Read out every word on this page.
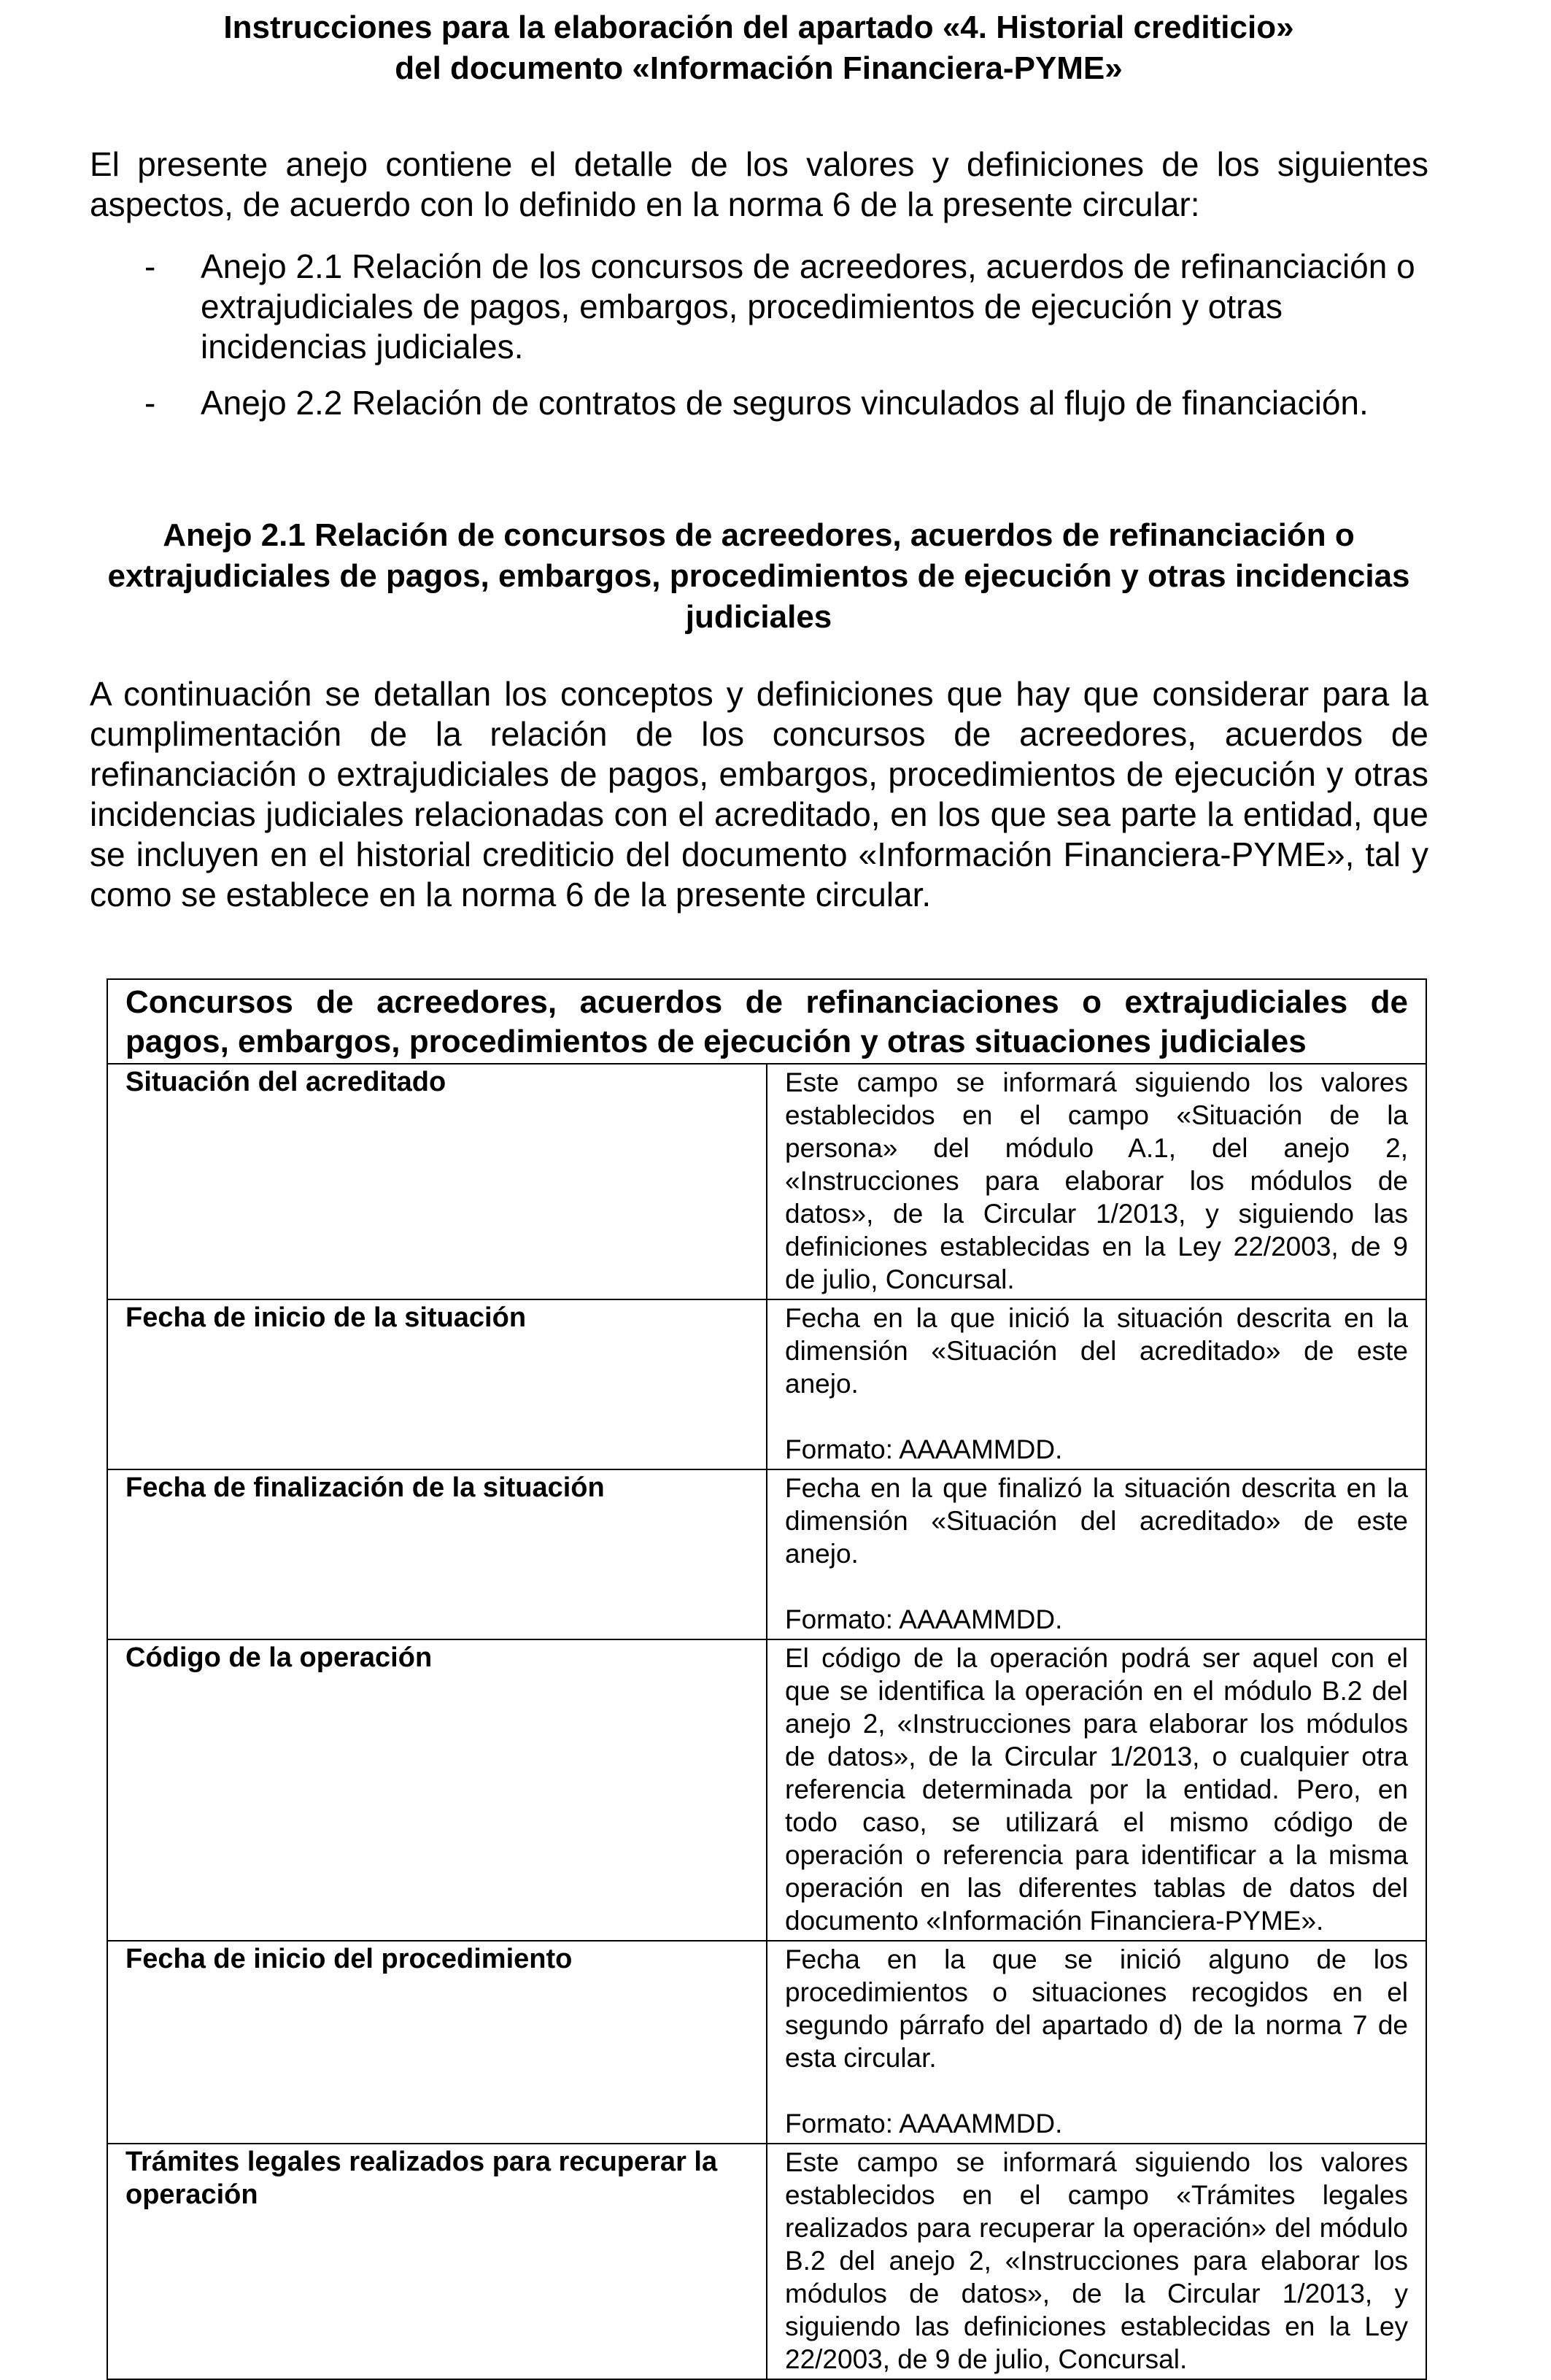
Instrucciones para la elaboración del apartado «4. Historial crediticio»
del documento «Información Financiera-PYME»

El presente anejo contiene el detalle de los valores y definiciones de los siguientes aspectos, de acuerdo con lo definido en la norma 6 de la presente circular:

- Anejo 2.1 Relación de los concursos de acreedores, acuerdos de refinanciación o extrajudiciales de pagos, embargos, procedimientos de ejecución y otras incidencias judiciales.
- Anejo 2.2 Relación de contratos de seguros vinculados al flujo de financiación.
Anejo 2.1 Relación de concursos de acreedores, acuerdos de refinanciación o extrajudiciales de pagos, embargos, procedimientos de ejecución y otras incidencias judiciales

A continuación se detallan los conceptos y definiciones que hay que considerar para la cumplimentación de la relación de los concursos de acreedores, acuerdos de refinanciación o extrajudiciales de pagos, embargos, procedimientos de ejecución y otras incidencias judiciales relacionadas con el acreditado, en los que sea parte la entidad, que se incluyen en el historial crediticio del documento «Información Financiera-PYME», tal y como se establece en la norma 6 de la presente circular.

Concursos de acreedores, acuerdos de refinanciaciones o extrajudiciales de pagos, embargos, procedimientos de ejecución y otras situaciones judiciales	
Situación del acreditado	Este campo se informará siguiendo los valores establecidos en el campo «Situación de la persona» del módulo A.1, del anejo 2, «Instrucciones para elaborar los módulos de datos», de la Circular 1/2013, y siguiendo las definiciones establecidas en la Ley 22/2003, de 9 de julio, Concursal.
Fecha de inicio de la situación	Fecha en la que inició la situación descrita en la dimensión «Situación del acreditado» de este anejo.
Formato: AAAAMMDD.

Fecha de finalización de la situación	Fecha en la que finalizó la situación descrita en la dimensión «Situación del acreditado» de este anejo.
Formato: AAAAMMDD.

Código de la operación	El código de la operación podrá ser aquel con el que se identifica la operación en el módulo B.2 del anejo 2, «Instrucciones para elaborar los módulos de datos», de la Circular 1/2013, o cualquier otra referencia determinada por la entidad. Pero, en todo caso, se utilizará el mismo código de operación o referencia para identificar a la misma operación en las diferentes tablas de datos del documento «Información Financiera-PYME».
Fecha de inicio del procedimiento	Fecha en la que se inició alguno de los procedimientos o situaciones recogidos en el segundo párrafo del apartado d) de la norma 7 de esta circular.
Formato: AAAAMMDD.

Trámites legales realizados para recuperar la operación	Este campo se informará siguiendo los valores establecidos en el campo «Trámites legales realizados para recuperar la operación» del módulo B.2 del anejo 2, «Instrucciones para elaborar los módulos de datos», de la Circular 1/2013, y siguiendo las definiciones establecidas en la Ley 22/2003, de 9 de julio, Concursal.
